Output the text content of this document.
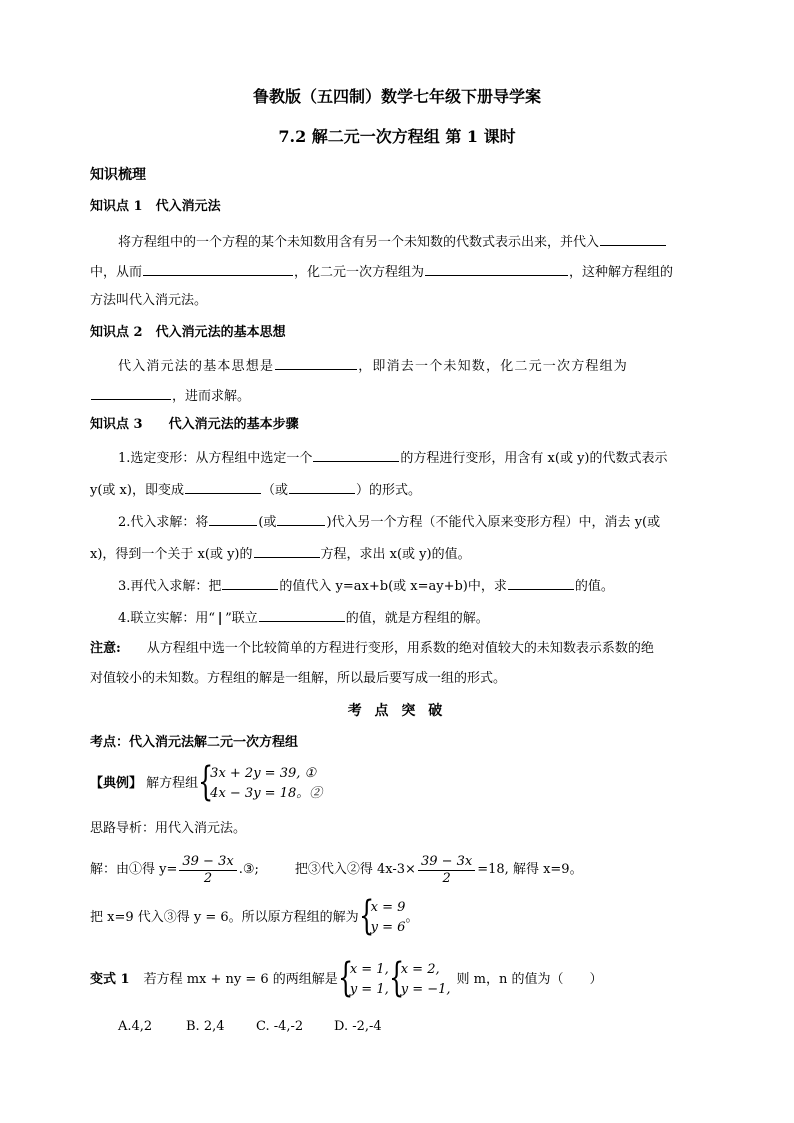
鲁教版（五四制）数学七年级下册导学案
7.2 解二元一次方程组 第 1 课时
知识梳理
知识点 1　代入消元法
将方程组中的一个方程的某个未知数用含有另一个未知数的代数式表示出来，并代入
中，从而	，化二元一次方程组为	，这种解方程组的
方法叫代入消元法。
知识点 2　代入消元法的基本思想
代入消元法的基本思想是	，即消去一个未知数，化二元一次方程组为
，进而求解。
知识点 3　　代入消元法的基本步骤
1.选定变形：从方程组中选定一个	的方程进行变形，用含有 x(或 y)的代数式表示
y(或 x)，即变成	（或	）的形式。
2.代入求解：将	(或	)代入另一个方程（不能代入原来变形方程）中，消去 y(或
x)，得到一个关于 x(或 y)的	方程，求出 x(或 y)的值。
3.再代入求解：把	的值代入 y=ax+b(或 x=ay+b)中，求	的值。
4.联立实解：用“ | ”联立	的值，就是方程组的解。
注意: 从方程组中选一个比较简单的方程进行变形，用系数的绝对值较大的未知数表示系数的绝
对值较小的未知数。方程组的解是一组解，所以最后要写成一组的形式。
考 点 突 破
考点：代入消元法解二元一次方程组
【典例】 解方程组 {
3x + 2y = 39, ①
4x − 3y = 18。②
思路导析：用代入消元法。
解：由①得 $y= \frac{39 - 3x}{2}$ .③;	把③代入②得 $4x-3\times \frac{39 - 3x}{2} =18$, 解得 x=9。
把 x=9 代入③得 y = 6。所以原方程组的解为 {
x = 9
y = 6
。
变式 1 若方程 mx + ny = 6 的两组解是 {
x = 1,
y = 1, {
x = 2,
y = −1,
则 m，n 的值为（　　）
A.4,2	B. 2,4 C. -4,-2 D. -2,-4
